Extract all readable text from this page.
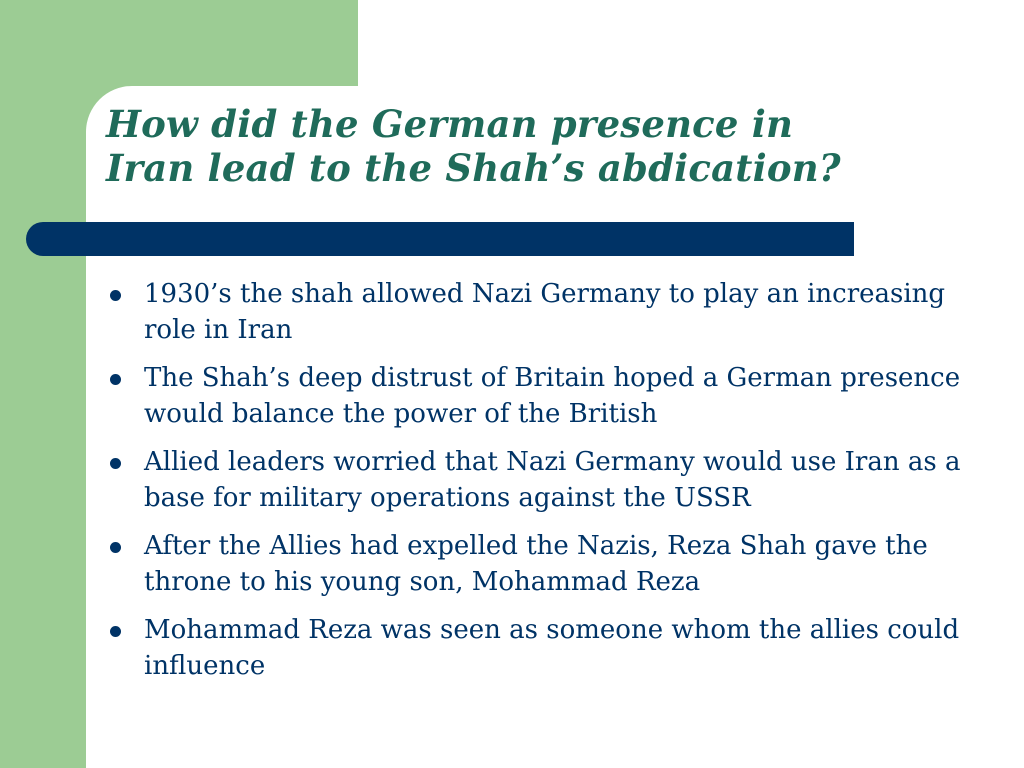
How did the German presence in
Iran lead to the Shah’s abdication?
1930’s the shah allowed Nazi Germany to play an increasing role in Iran
The Shah’s deep distrust of Britain hoped a German presence would balance the power of the British
Allied leaders worried that Nazi Germany would use Iran as a base for military operations against the USSR
After the Allies had expelled the Nazis, Reza Shah gave the throne to his young son, Mohammad Reza
Mohammad Reza was seen as someone whom the allies could influence
